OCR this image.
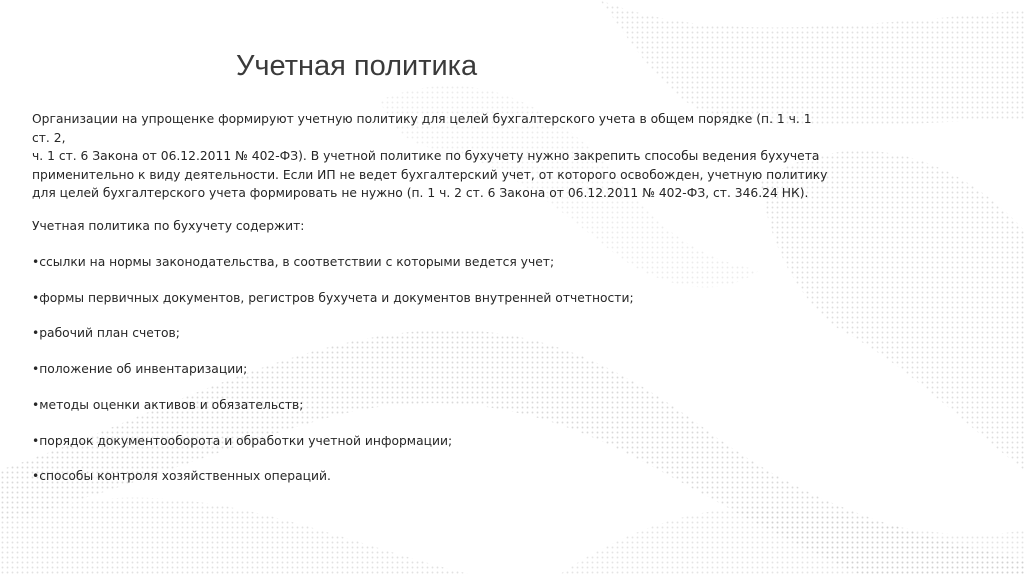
Учетная политика

Организации на упрощенке формируют учетную политику для целей бухгалтерского учета в общем порядке (п. 1 ч. 1 ст. 2,
ч. 1 ст. 6 Закона от 06.12.2011 № 402-ФЗ). В учетной политике по бухучету нужно закрепить способы ведения бухучета
применительно к виду деятельности. Если ИП не ведет бухгалтерский учет, от которого освобожден, учетную политику
для целей бухгалтерского учета формировать не нужно (п. 1 ч. 2 ст. 6 Закона от 06.12.2011 № 402-ФЗ, ст. 346.24 НК).

Учетная политика по бухучету содержит:

•ссылки на нормы законодательства, в соответствии с которыми ведется учет;

•формы первичных документов, регистров бухучета и документов внутренней отчетности;

•рабочий план счетов;

•положение об инвентаризации;

•методы оценки активов и обязательств;

•порядок документооборота и обработки учетной информации;

•способы контроля хозяйственных операций.
